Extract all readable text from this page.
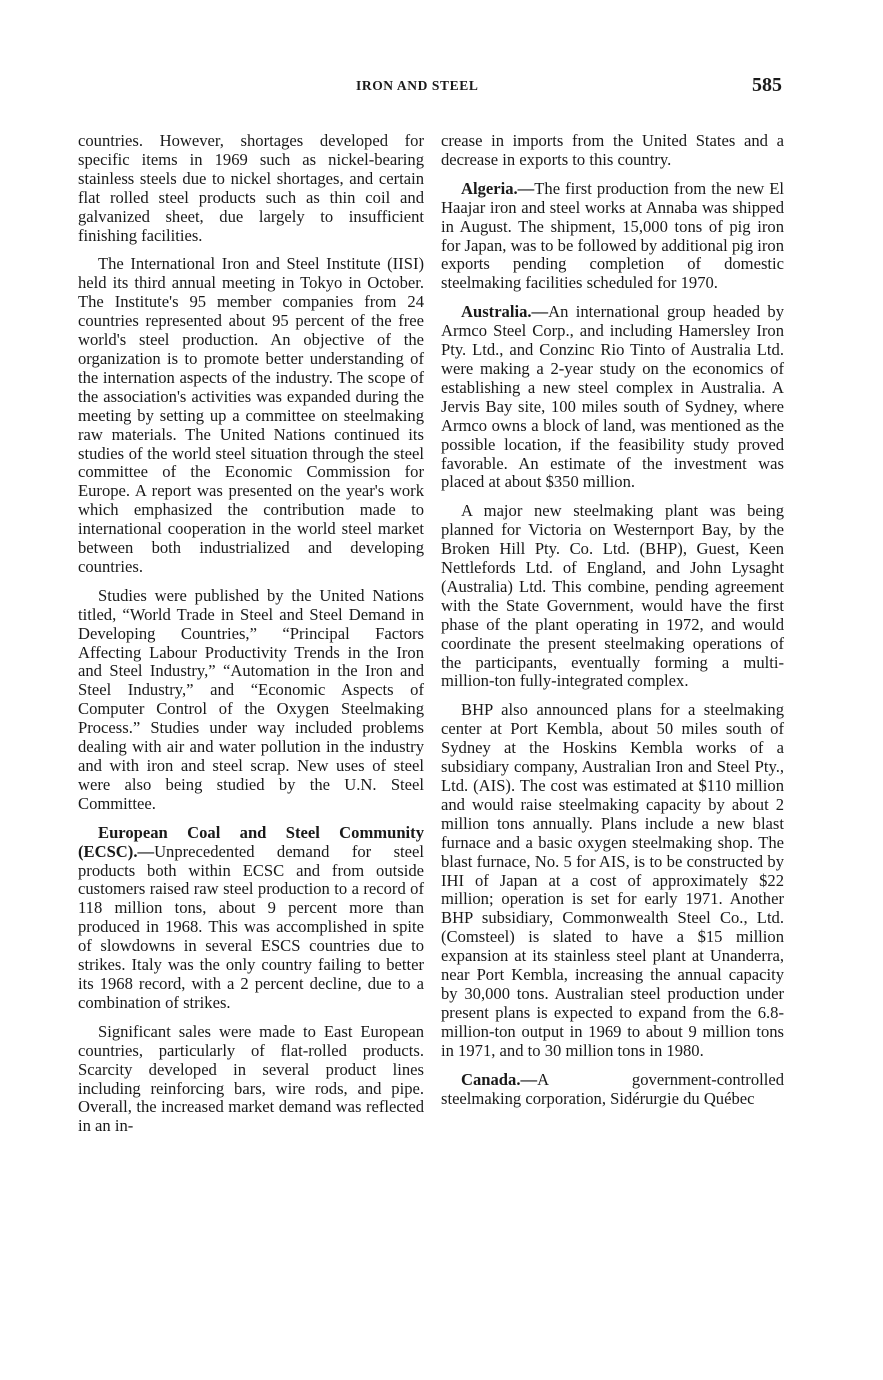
IRON AND STEEL	585

countries. However, shortages developed for specific items in 1969 such as nickel-bearing stainless steels due to nickel shortages, and certain flat rolled steel products such as thin coil and galvanized sheet, due largely to insufficient finishing facilities.

The International Iron and Steel Institute (IISI) held its third annual meeting in Tokyo in October. The Institute's 95 member companies from 24 countries represented about 95 percent of the free world's steel production. An objective of the organization is to promote better understanding of the internation aspects of the industry. The scope of the association's activities was expanded during the meeting by setting up a committee on steelmaking raw materials. The United Nations continued its studies of the world steel situation through the steel committee of the Economic Commission for Europe. A report was presented on the year's work which emphasized the contribution made to international cooperation in the world steel market between both industrialized and developing countries.

Studies were published by the United Nations titled, “World Trade in Steel and Steel Demand in Developing Countries,” “Principal Factors Affecting Labour Productivity Trends in the Iron and Steel Industry,” “Automation in the Iron and Steel Industry,” and “Economic Aspects of Computer Control of the Oxygen Steelmaking Process.” Studies under way included problems dealing with air and water pollution in the industry and with iron and steel scrap. New uses of steel were also being studied by the U.N. Steel Committee.

European Coal and Steel Community (ECSC).—Unprecedented demand for steel products both within ECSC and from outside customers raised raw steel production to a record of 118 million tons, about 9 percent more than produced in 1968. This was accomplished in spite of slowdowns in several ESCS countries due to strikes. Italy was the only country failing to better its 1968 record, with a 2 percent decline, due to a combination of strikes.

Significant sales were made to East European countries, particularly of flat-rolled products. Scarcity developed in several product lines including reinforcing bars, wire rods, and pipe. Overall, the increased market demand was reflected in an in-

crease in imports from the United States and a decrease in exports to this country.

Algeria.—The first production from the new El Haajar iron and steel works at Annaba was shipped in August. The shipment, 15,000 tons of pig iron for Japan, was to be followed by additional pig iron exports pending completion of domestic steelmaking facilities scheduled for 1970.

Australia.—An international group headed by Armco Steel Corp., and including Hamersley Iron Pty. Ltd., and Conzinc Rio Tinto of Australia Ltd. were making a 2-year study on the economics of establishing a new steel complex in Australia. A Jervis Bay site, 100 miles south of Sydney, where Armco owns a block of land, was mentioned as the possible location, if the feasibility study proved favorable. An estimate of the investment was placed at about $350 million.

A major new steelmaking plant was being planned for Victoria on Westernport Bay, by the Broken Hill Pty. Co. Ltd. (BHP), Guest, Keen Nettlefords Ltd. of England, and John Lysaght (Australia) Ltd. This combine, pending agreement with the State Government, would have the first phase of the plant operating in 1972, and would coordinate the present steelmaking operations of the participants, eventually forming a multi-million-ton fully-integrated complex.

BHP also announced plans for a steelmaking center at Port Kembla, about 50 miles south of Sydney at the Hoskins Kembla works of a subsidiary company, Australian Iron and Steel Pty., Ltd. (AIS). The cost was estimated at $110 million and would raise steelmaking capacity by about 2 million tons annually. Plans include a new blast furnace and a basic oxygen steelmaking shop. The blast furnace, No. 5 for AIS, is to be constructed by IHI of Japan at a cost of approximately $22 million; operation is set for early 1971. Another BHP subsidiary, Commonwealth Steel Co., Ltd. (Comsteel) is slated to have a $15 million expansion at its stainless steel plant at Unanderra, near Port Kembla, increasing the annual capacity by 30,000 tons. Australian steel production under present plans is expected to expand from the 6.8-million-ton output in 1969 to about 9 million tons in 1971, and to 30 million tons in 1980.

Canada.—A government-controlled steelmaking corporation, Sidérurgie du Québec
